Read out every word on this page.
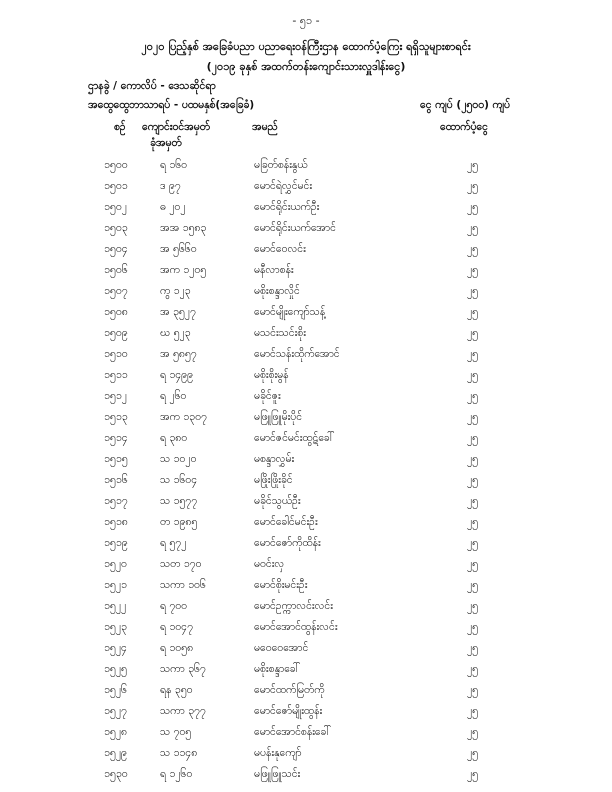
- ၅၁ -
၂၀၂၀ ပြည့်နှစ် အခြေခံပညာ ပညာရေးဝန်ကြီးဌာန ထောက်ပံ့ကြေး ရရှိသူများစာရင်း
(၂၀၁၉ ခုနှစ် အထက်တန်းကျောင်းသားလှူဒါန်းငွေ)
ဌာနခွဲ / ကောလိပ် - ဒေသဆိုင်ရာ
အထွေထွေဘာသာရပ် - ပထမနှစ်(အခြေခံ)	ငွေ ကျပ် (၂၅၀၀) ကျပ်
စဉ် ကျောင်းဝင်အမှတ်
ခုံအမှတ်
အမည်	ထောက်ပံ့ငွေ
၁၅၀၀	ရ ၁၆၀	မခြတ်စန်းနွယ်	၂၅
၁၅၀၁	ဒ ၉၇	မောင်ရဲလွှင်မင်း	၂၅
၁၅၀၂	ဓ ၂၀၂	မောင်ရိုင်းယက်ဦး	၂၅
၁၅၀၃	အအ ၁၅၈၃	မောင်ရိုင်းယက်အောင်	၂၅
၁၅၀၄	အ ၅၆၆၀	မောင်ဝေလင်း	၂၅
၁၅၀၆	အက ၁၂၀၅	မနီလာစန်း	၂၅
၁၅၀၇	ကွ ၁၂၃	မစိုးစန္ဒာလှိုင်	၂၅
၁၅၀၈	အ ၃၅၂၇	မောင်မျိုးကျော်သန့်	၂၅
၁၅၀၉	ဃ ၅၂၃	မသင်းသင်းစိုး	၂၅
၁၅၁၀	အ ၅၈၅၇	မောင်သန်းထိုက်အောင်	၂၅
၁၅၁၁	ရ ၁၄၉၉	မစိုးစိုးမွန်	၂၅
၁၅၁၂	ရ ၂၆၀	မခိုင်ဇူး	၂၅
၁၅၁၃	အက ၁၃၀၇	မဖြူဖြူမိုးပိုင်	၂၅
၁၅၁၄	ရ ၃၈၀	မောင်ဇင်မင်းထွဋ်ခေါ်	၂၅
၁၅၁၅	သ ၁၀၂၀	မစန္ဒာလွှမ်း	၂၅
၁၅၁၆	သ ၁၆၀၄	မဖြိုးဖြိုးခိုင်	၂၅
၁၅၁၇	သ ၁၅၇၇	မခိုင်သွယ်ဦး	၂၅
၁၅၁၈	တ ၁၉၈၅	မောင်ခေါင်မင်းဦး	၂၅
၁၅၁၉	ရ ၅၇၂	မောင်ဇော်ကိုထိန်း	၂၅
၁၅၂၀	သတ ၁၇၀	မဝင်းလှ	၂၅
၁၅၂၁	သကာ ၁၀၆	မောင်စိုးမင်းဦး	၂၅
၁၅၂၂	ရ ၇၀၀	မောင်ဥက္ကာလင်းလင်း	၂၅
၁၅၂၃	ရ ၁၀၄၇	မောင်အောင်ထွန်းလင်း	၂၅
၁၅၂၄	ရ ၁၀၅၈	မဝေဝေအောင်	၂၅
၁၅၂၅	သကာ ၃၆၇	မစိုးစန္ဒာခေါ်	၂၅
၁၅၂၆	ရန ၃၅၀	မောင်ထက်မြတ်ကို	၂၅
၁၅၂၇	သကာ ၃၇၇	မောင်ဇော်မျိုးထွန်း	၂၅
၁၅၂၈	သ ၇၀၅	မောင်အောင်စန်းခေါ်	၂၅
၁၅၂၉	သ ၁၁၄၈	မပန်းနုကျော်	၂၅
၁၅၃၀	ရ ၁၂၆၀	မဖြူဖြူသင်း	၂၅
